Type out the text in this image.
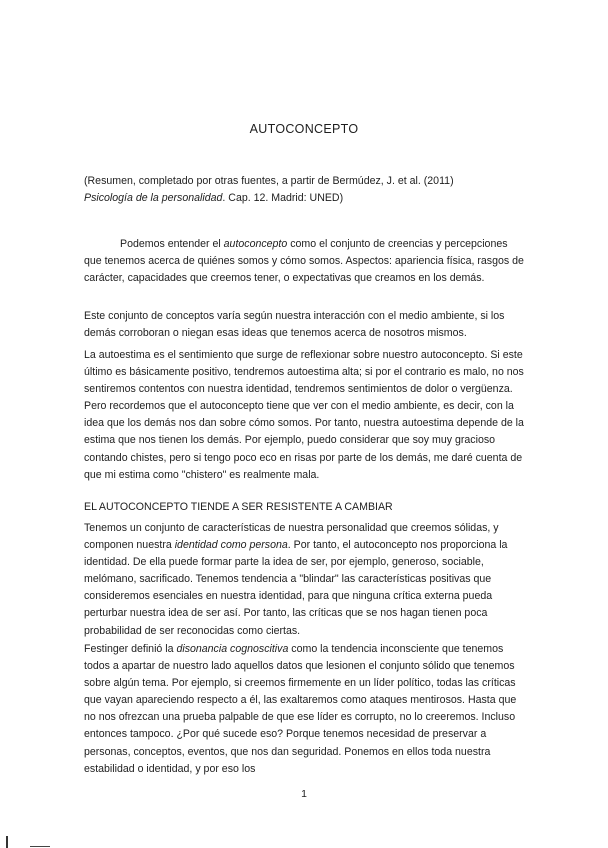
AUTOCONCEPTO

(Resumen, completado por otras fuentes, a partir de Bermúdez, J. et al. (2011)
Psicología de la personalidad. Cap. 12. Madrid: UNED)

Podemos entender el autoconcepto como el conjunto de creencias y percepciones que tenemos acerca de quiénes somos y cómo somos. Aspectos: apariencia física, rasgos de carácter, capacidades que creemos tener, o expectativas que creamos en los demás.

Este conjunto de conceptos varía según nuestra interacción con el medio ambiente, si los demás corroboran o niegan esas ideas que tenemos acerca de nosotros mismos.

La autoestima es el sentimiento que surge de reflexionar sobre nuestro autoconcepto. Si este último es básicamente positivo, tendremos autoestima alta; si por el contrario es malo, no nos sentiremos contentos con nuestra identidad, tendremos sentimientos de dolor o vergüenza. Pero recordemos que el autoconcepto tiene que ver con el medio ambiente, es decir, con la idea que los demás nos dan sobre cómo somos. Por tanto, nuestra autoestima depende de la estima que nos tienen los demás. Por ejemplo, puedo considerar que soy muy gracioso contando chistes, pero si tengo poco eco en risas por parte de los demás, me daré cuenta de que mi estima como "chistero" es realmente mala.

EL AUTOCONCEPTO TIENDE A SER RESISTENTE A CAMBIAR

Tenemos un conjunto de características de nuestra personalidad que creemos sólidas, y componen nuestra identidad como persona. Por tanto, el autoconcepto nos proporciona la identidad. De ella puede formar parte la idea de ser, por ejemplo, generoso, sociable, melómano, sacrificado. Tenemos tendencia a "blindar" las características positivas que consideremos esenciales en nuestra identidad, para que ninguna crítica externa pueda perturbar nuestra idea de ser así. Por tanto, las críticas que se nos hagan tienen poca probabilidad de ser reconocidas como ciertas.

Festinger definió la disonancia cognoscitiva como la tendencia inconsciente que tenemos todos a apartar de nuestro lado aquellos datos que lesionen el conjunto sólido que tenemos sobre algún tema. Por ejemplo, si creemos firmemente en un líder político, todas las críticas que vayan apareciendo respecto a él, las exaltaremos como ataques mentirosos. Hasta que no nos ofrezcan una prueba palpable de que ese líder es corrupto, no lo creeremos. Incluso entonces tampoco. ¿Por qué sucede eso? Porque tenemos necesidad de preservar a personas, conceptos, eventos, que nos dan seguridad. Ponemos en ellos toda nuestra estabilidad o identidad, y por eso los

1
